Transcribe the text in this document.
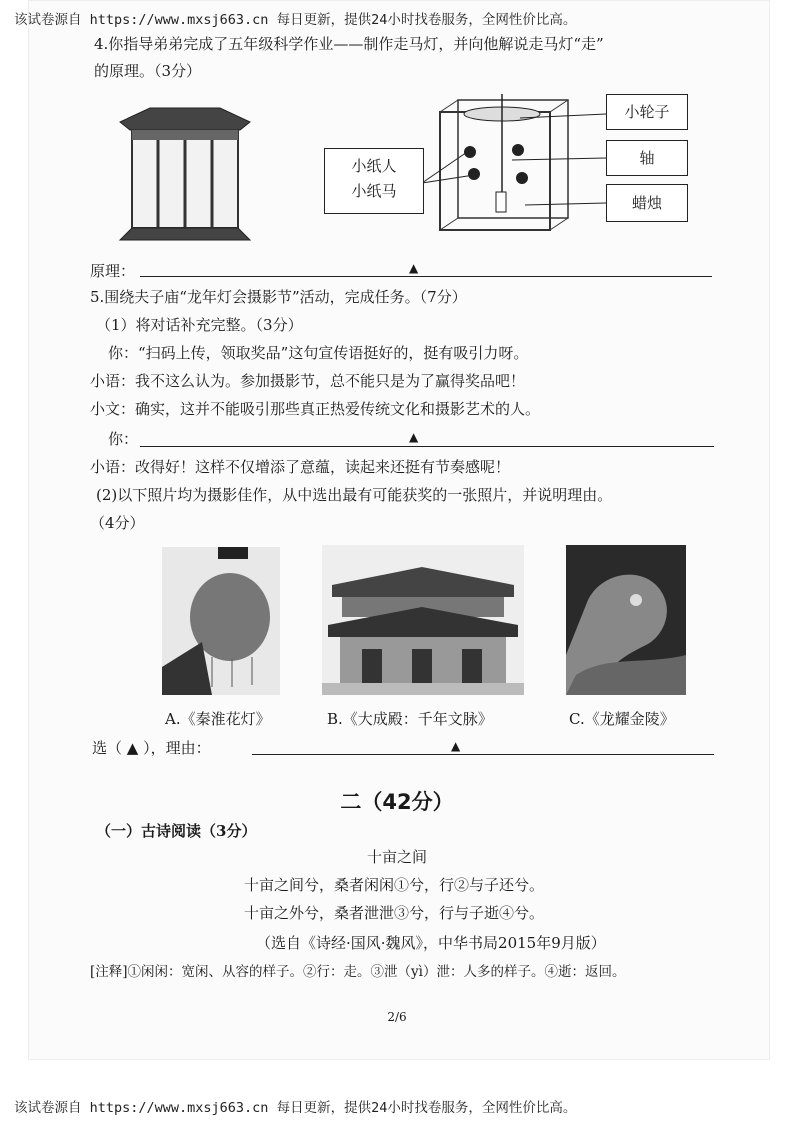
该试卷源自 https://www.mxsj663.cn 每日更新，提供24小时找卷服务，全网性价比高。
4.你指导弟弟完成了五年级科学作业——制作走马灯，并向他解说走马灯“走”
的原理。（3分）
小纸人
小纸马
小轮子
轴
蜡烛
原理：	▲
5.围绕夫子庙“龙年灯会摄影节”活动，完成任务。（7分）
（1）将对话补充完整。（3分）
你：“扫码上传，领取奖品”这句宣传语挺好的，挺有吸引力呀。
小语：我不这么认为。参加摄影节，总不能只是为了赢得奖品吧！
小文：确实，这并不能吸引那些真正热爱传统文化和摄影艺术的人。
你：	▲
小语：改得好！这样不仅增添了意蕴，读起来还挺有节奏感呢！
(2)以下照片均为摄影佳作，从中选出最有可能获奖的一张照片，并说明理由。
（4分）
A.《秦淮花灯》	B.《大成殿：千年文脉》	C.《龙耀金陵》
选（ ▲ ），理由：	▲
二（42分）
（一）古诗阅读（3分）
十亩之间
十亩之间兮，桑者闲闲①兮，行②与子还兮。
十亩之外兮，桑者泄泄③兮，行与子逝④兮。
（选自《诗经·国风·魏风》，中华书局2015年9月版）
[注释]①闲闲：宽闲、从容的样子。②行：走。③泄（yì）泄：人多的样子。④逝：返回。
2/6
该试卷源自 https://www.mxsj663.cn 每日更新，提供24小时找卷服务，全网性价比高。
